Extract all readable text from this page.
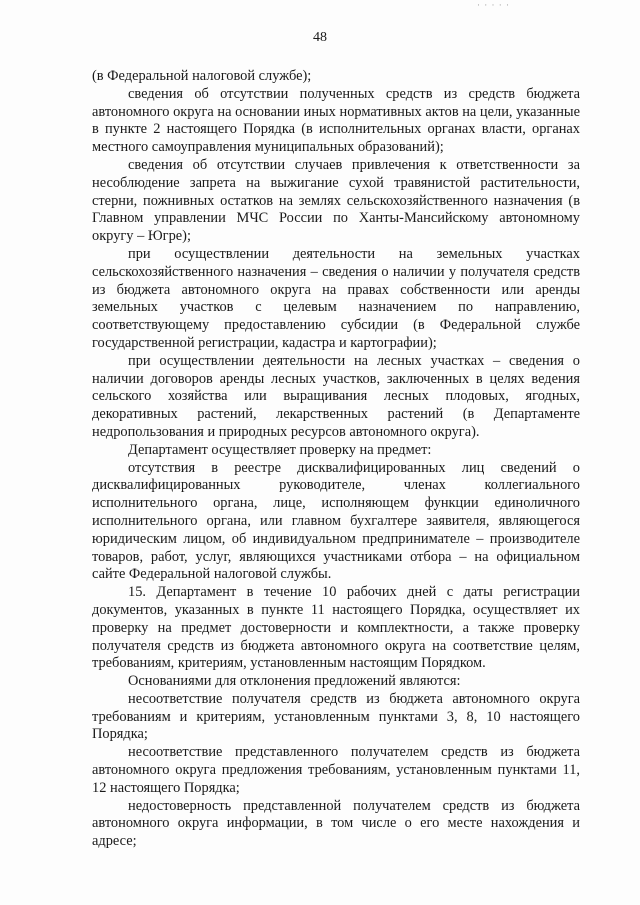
· · · · ·
48

(в Федеральной налоговой службе);

сведения об отсутствии полученных средств из средств бюджета автономного округа на основании иных нормативных актов на цели, указанные в пункте 2 настоящего Порядка (в исполнительных органах власти, органах местного самоуправления муниципальных образований);

сведения об отсутствии случаев привлечения к ответственности за несоблюдение запрета на выжигание сухой травянистой растительности, стерни, пожнивных остатков на землях сельскохозяйственного назначения (в Главном управлении МЧС России по Ханты-Мансийскому автономному округу – Югре);

при осуществлении деятельности на земельных участках сельскохозяйственного назначения – сведения о наличии у получателя средств из бюджета автономного округа на правах собственности или аренды земельных участков с целевым назначением по направлению, соответствующему предоставлению субсидии (в Федеральной службе государственной регистрации, кадастра и картографии);

при осуществлении деятельности на лесных участках – сведения о наличии договоров аренды лесных участков, заключенных в целях ведения сельского хозяйства или выращивания лесных плодовых, ягодных, декоративных растений, лекарственных растений (в Департаменте недропользования и природных ресурсов автономного округа).

Департамент осуществляет проверку на предмет:

отсутствия в реестре дисквалифицированных лиц сведений о дисквалифицированных руководителе, членах коллегиального исполнительного органа, лице, исполняющем функции единоличного исполнительного органа, или главном бухгалтере заявителя, являющегося юридическим лицом, об индивидуальном предпринимателе – производителе товаров, работ, услуг, являющихся участниками отбора – на официальном сайте Федеральной налоговой службы.

15. Департамент в течение 10 рабочих дней с даты регистрации документов, указанных в пункте 11 настоящего Порядка, осуществляет их проверку на предмет достоверности и комплектности, а также проверку получателя средств из бюджета автономного округа на соответствие целям, требованиям, критериям, установленным настоящим Порядком.

Основаниями для отклонения предложений являются:

несоответствие получателя средств из бюджета автономного округа требованиям и критериям, установленным пунктами 3, 8, 10 настоящего Порядка;

несоответствие представленного получателем средств из бюджета автономного округа предложения требованиям, установленным пунктами 11, 12 настоящего Порядка;

недостоверность представленной получателем средств из бюджета автономного округа информации, в том числе о его месте нахождения и адресе;
